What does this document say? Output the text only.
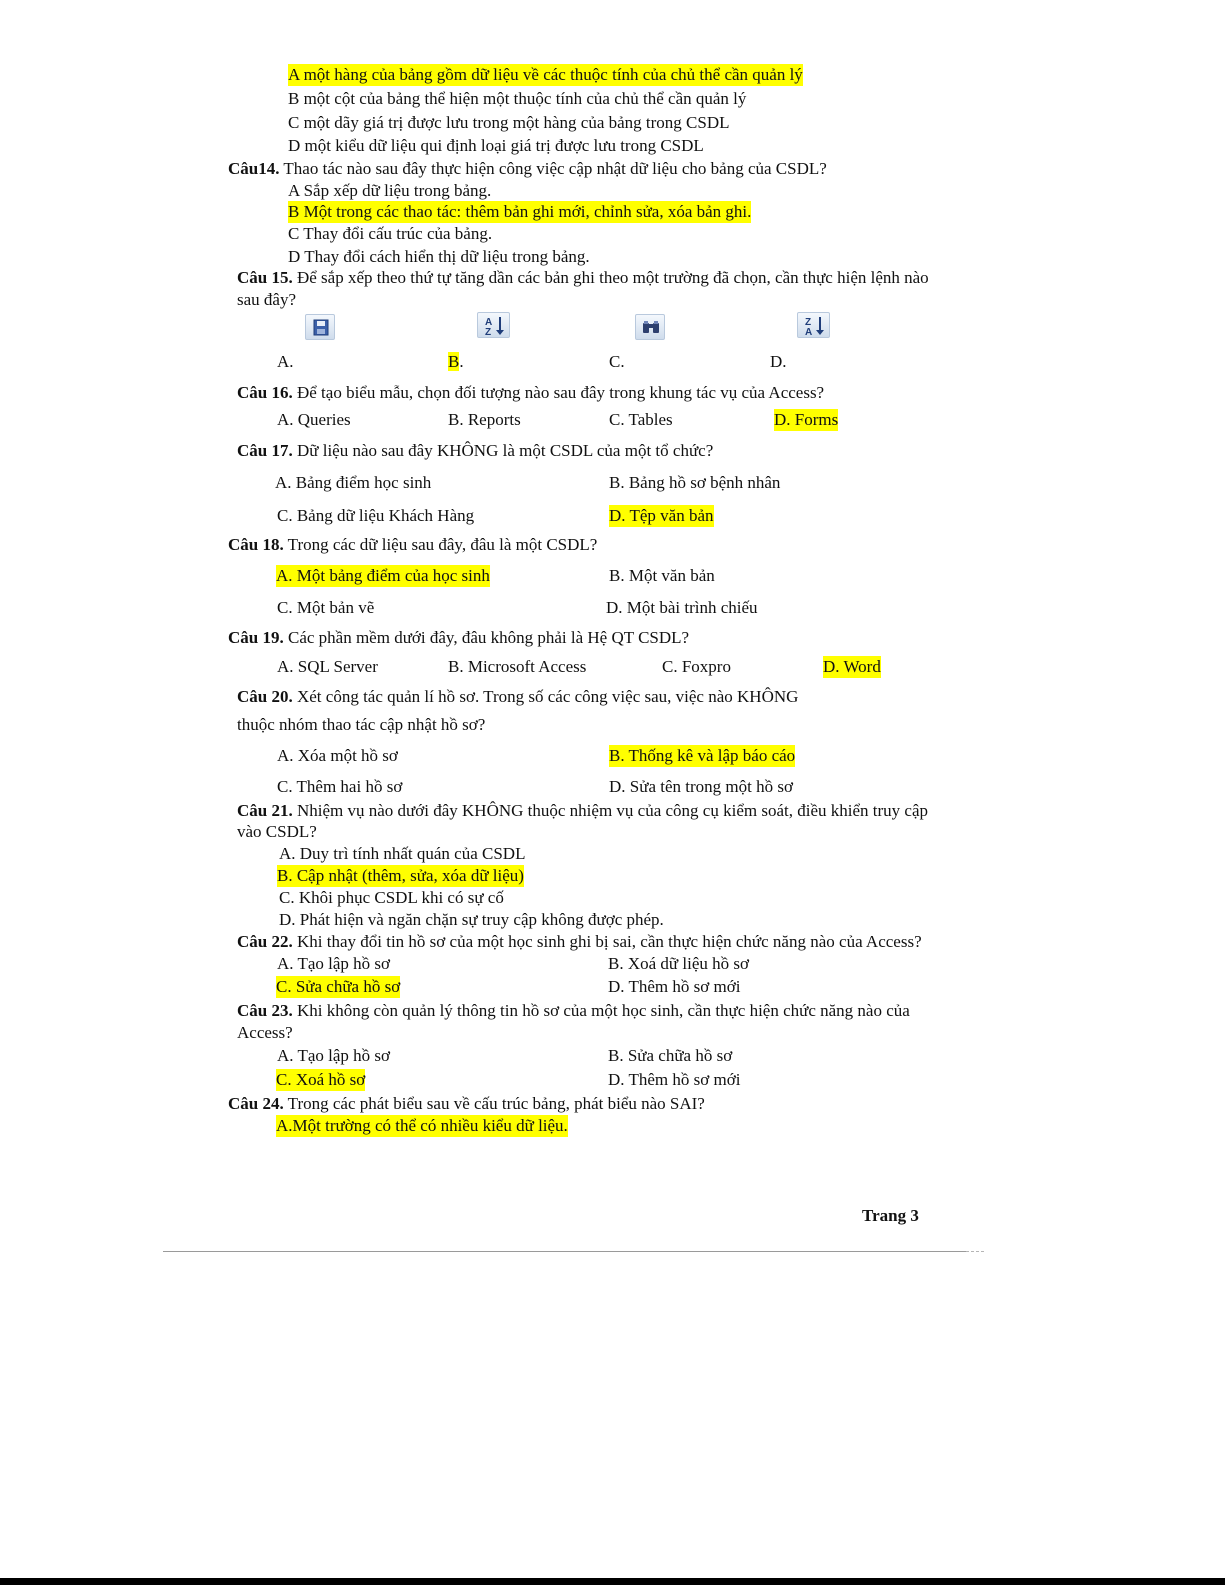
A một hàng của bảng gồm dữ liệu về các thuộc tính của chủ thể cần quản lý
B một cột của bảng thể hiện một thuộc tính của chủ thể cần quản lý
C một dãy giá trị được lưu trong một hàng của bảng trong CSDL
D một kiểu dữ liệu qui định loại giá trị được lưu trong CSDL
Câu14. Thao tác nào sau đây thực hiện công việc cập nhật dữ liệu cho bảng của CSDL?
A Sắp xếp dữ liệu trong bảng.
B Một trong các thao tác: thêm bản ghi mới, chỉnh sửa, xóa bản ghi.
C Thay đổi cấu trúc của bảng.
D Thay đổi cách hiển thị dữ liệu trong bảng.
Câu 15. Để sắp xếp theo thứ tự tăng dần các bản ghi theo một trường đã chọn, cần thực hiện lệnh nào
sau đây?
A
Z
Z
A
A.	B.	C.	D.
Câu 16. Để tạo biểu mẫu, chọn đối tượng nào sau đây trong khung tác vụ của Access?
A. Queries	B. Reports	C. Tables	D. Forms
Câu 17. Dữ liệu nào sau đây KHÔNG là một CSDL của một tổ chức?
A. Bảng điểm học sinh	B. Bảng hồ sơ bệnh nhân
C. Bảng dữ liệu Khách Hàng	D. Tệp văn bản
Câu 18. Trong các dữ liệu sau đây, đâu là một CSDL?
A. Một bảng điểm của học sinh	B. Một văn bản
C. Một bản vẽ	D. Một bài trình chiếu
Câu 19. Các phần mềm dưới đây, đâu không phải là Hệ QT CSDL?
A. SQL Server	B. Microsoft Access	C. Foxpro	D. Word
Câu 20. Xét công tác quản lí hồ sơ. Trong số các công việc sau, việc nào KHÔNG
thuộc nhóm thao tác cập nhật hồ sơ?
A. Xóa một hồ sơ	B. Thống kê và lập báo cáo
C. Thêm hai hồ sơ	D. Sửa tên trong một hồ sơ
Câu 21. Nhiệm vụ nào dưới đây KHÔNG thuộc nhiệm vụ của công cụ kiểm soát, điều khiển truy cập
vào CSDL?
A. Duy trì tính nhất quán của CSDL
B. Cập nhật (thêm, sửa, xóa dữ liệu)
C. Khôi phục CSDL khi có sự cố
D. Phát hiện và ngăn chặn sự truy cập không được phép.
Câu 22. Khi thay đổi tin hồ sơ của một học sinh ghi bị sai, cần thực hiện chức năng nào của Access?
A. Tạo lập hồ sơ	B. Xoá dữ liệu hồ sơ
C. Sửa chữa hồ sơ	D. Thêm hồ sơ mới
Câu 23. Khi không còn quản lý thông tin hồ sơ của một học sinh, cần thực hiện chức năng nào của
Access?
A. Tạo lập hồ sơ	B. Sửa chữa hồ sơ
C. Xoá hồ sơ	D. Thêm hồ sơ mới
Câu 24. Trong các phát biểu sau về cấu trúc bảng, phát biểu nào SAI?
A.Một trường có thể có nhiều kiểu dữ liệu.
Trang 3
